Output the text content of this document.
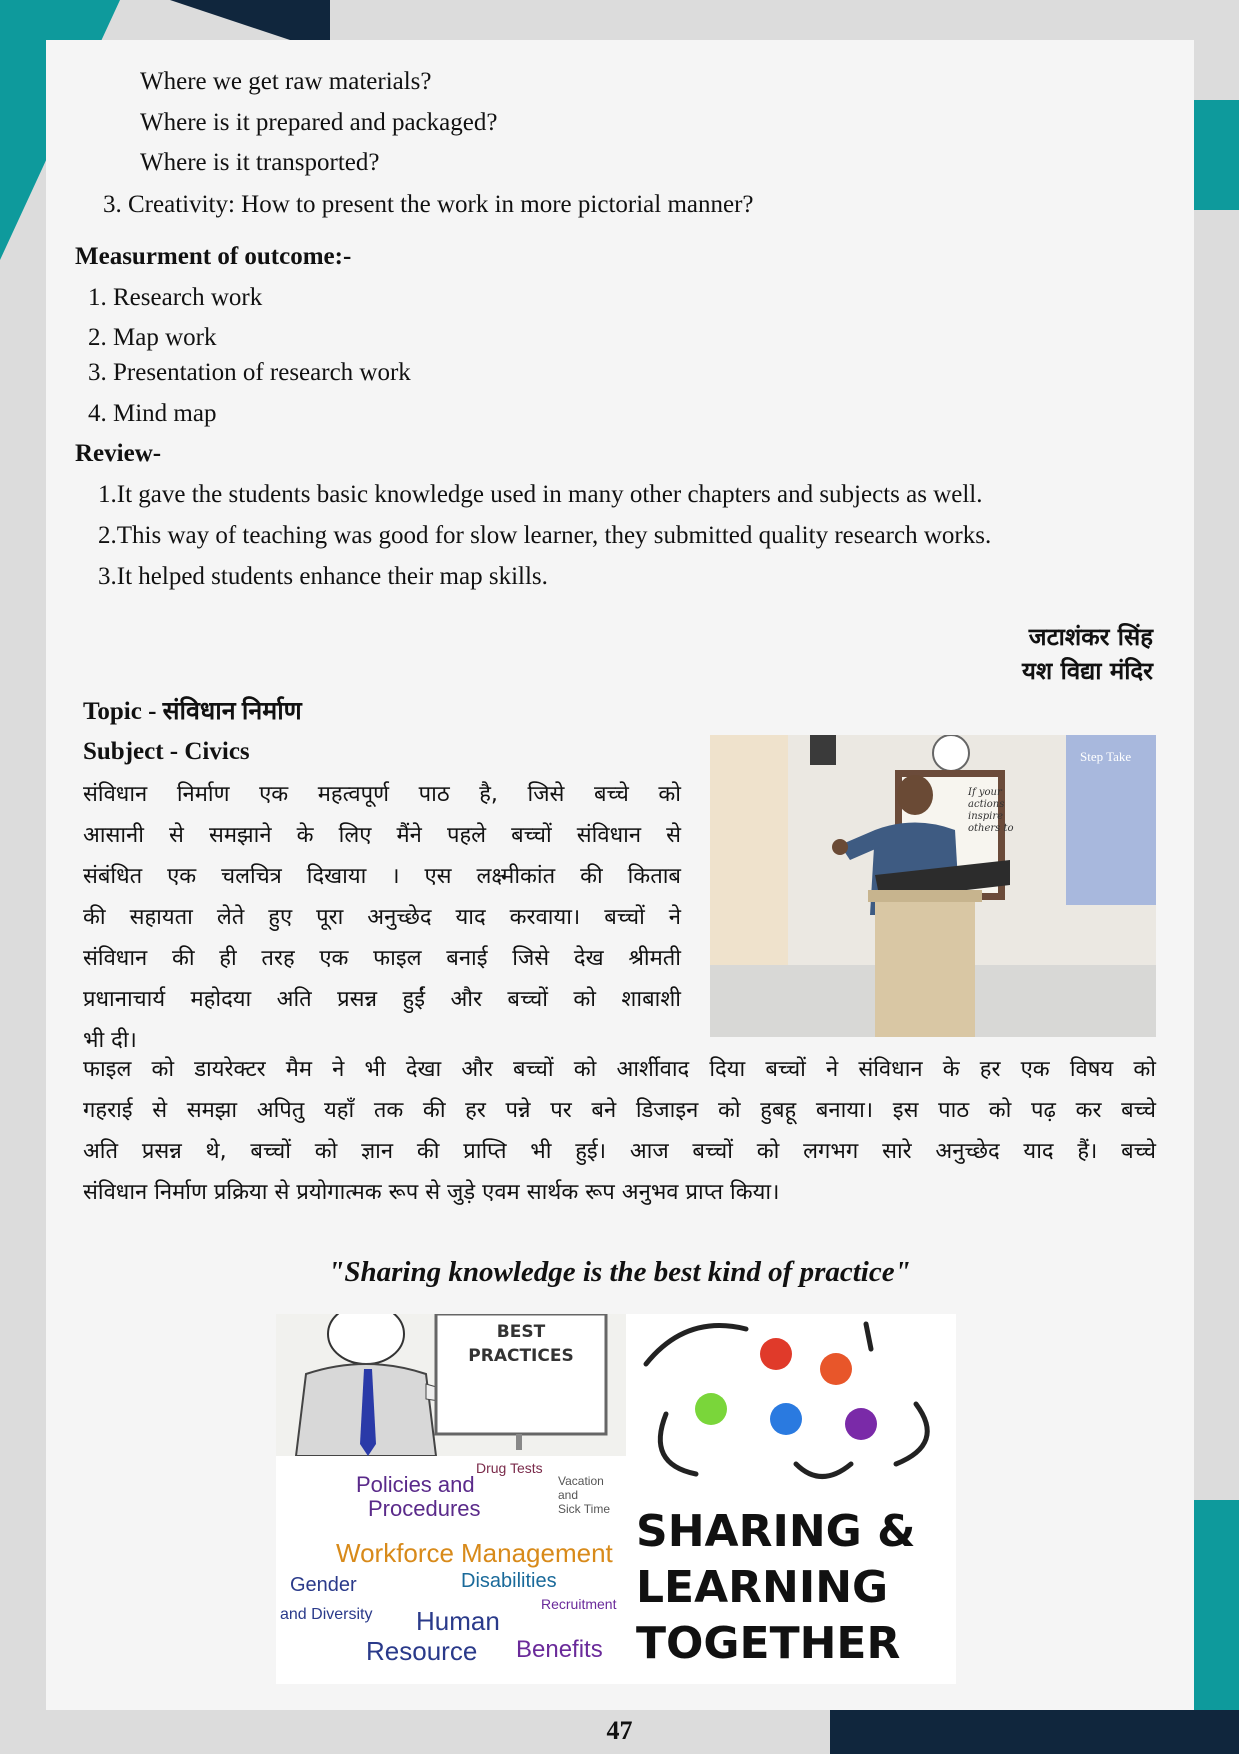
Where we get raw materials?
Where is it prepared and packaged?
Where is it transported?
3. Creativity: How to present the work in more pictorial manner?
Measurment of outcome:-
1. Research work
2. Map work
3. Presentation of research work
4. Mind map
Review-
1.It gave the students basic knowledge used in many other chapters and subjects as well.
2.This way of teaching was good for slow learner, they submitted quality research works.
3.It helped students enhance their map skills.
जटाशंकर सिंह
यश विद्या मंदिर
Topic - संविधान निर्माण
Subject - Civics
संविधान निर्माण एक महत्वपूर्ण पाठ है, जिसे बच्चे को
आसानी से समझाने के लिए मैंने पहले बच्चों संविधान से
संबंधित एक चलचित्र दिखाया । एस लक्ष्मीकांत की किताब
की सहायता लेते हुए पूरा अनुच्छेद याद करवाया। बच्चों ने
संविधान की ही तरह एक फाइल बनाई जिसे देख श्रीमती
प्रधानाचार्य महोदया अति प्रसन्न हुईं और बच्चों को शाबाशी
भी दी।
If your
actions
inspire
others to
Step Take
फाइल को डायरेक्टर मैम ने भी देखा और बच्चों को आर्शीवाद दिया बच्चों ने संविधान के हर एक विषय को
गहराई से समझा अपितु यहाँ तक की हर पन्ने पर बने डिजाइन को हुबहू बनाया। इस पाठ को पढ़ कर बच्चे
अति प्रसन्न थे, बच्चों को ज्ञान की प्राप्ति भी हुई। आज बच्चों को लगभग सारे अनुच्छेद याद हैं। बच्चे
संविधान निर्माण प्रक्रिया से प्रयोगात्मक रूप से जुड़े एवम सार्थक रूप अनुभव प्राप्त किया।
"Sharing knowledge is the best kind of practice"
BEST
PRACTICES
Policies and
Procedures
Workforce Management
Disabilities
Human
Resource Benefits
Gender
and Diversity
Vacation
and
Sick Time
Drug Tests
Recruitment
SHARING &
LEARNING
TOGETHER
47
